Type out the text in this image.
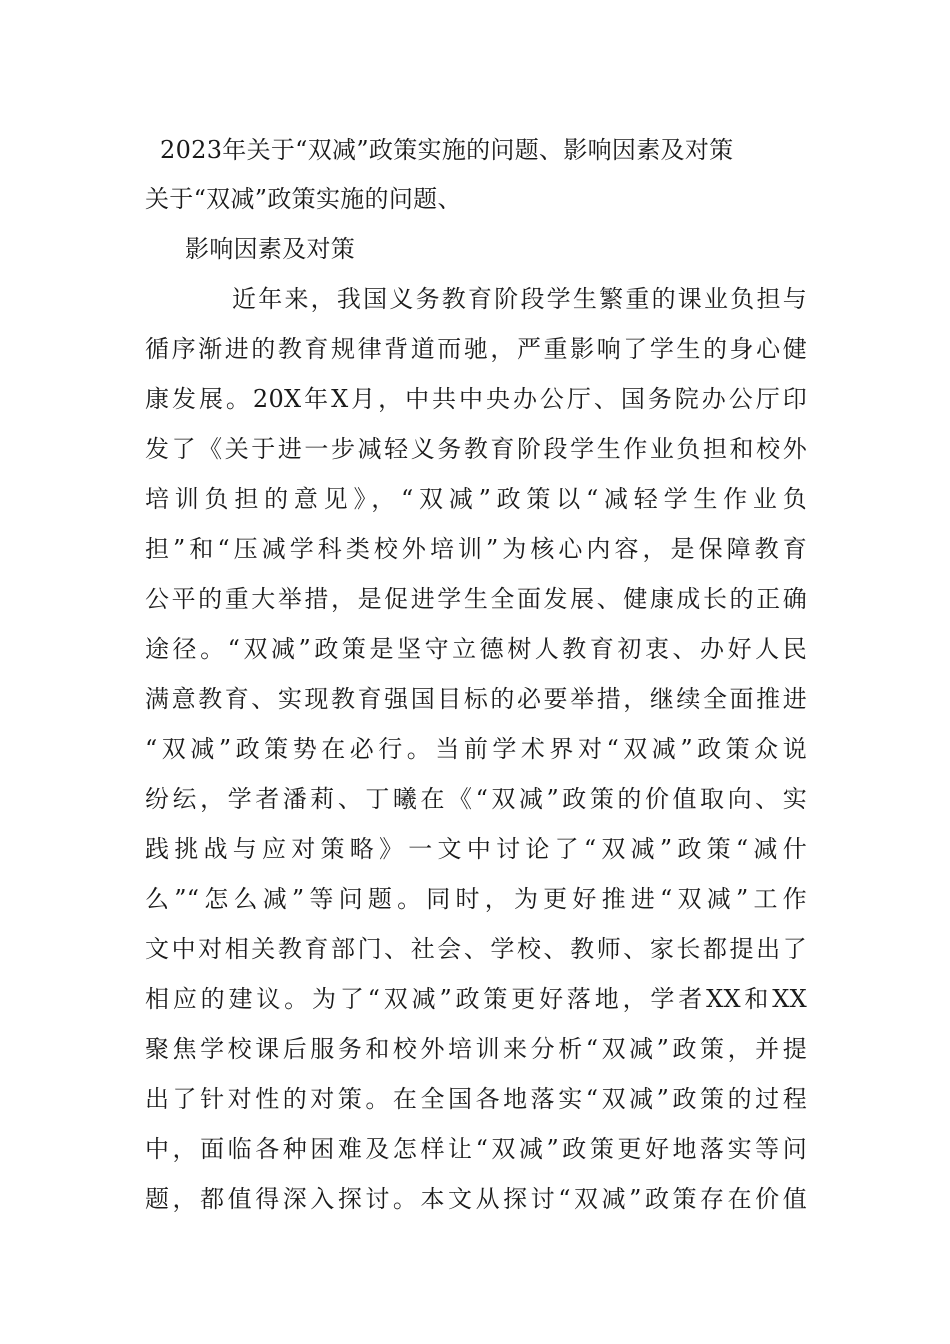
2023年关于“双减”政策实施的问题、影响因素及对策
关于“双减”政策实施的问题、
影响因素及对策
近年来，我国义务教育阶段学生繁重的课业负担与
循序渐进的教育规律背道而驰，严重影响了学生的身心健
康发展。20X年X月，中共中央办公厅、国务院办公厅印
发了《关于进一步减轻义务教育阶段学生作业负担和校外
培训负担的意见》，“双减”政策以“减轻学生作业负
担”和“压减学科类校外培训”为核心内容，是保障教育
公平的重大举措，是促进学生全面发展、健康成长的正确
途径。“双减”政策是坚守立德树人教育初衷、办好人民
满意教育、实现教育强国目标的必要举措，继续全面推进
“双减”政策势在必行。当前学术界对“双减”政策众说
纷纭，学者潘莉、丁曦在《“双减”政策的价值取向、实
践挑战与应对策略》一文中讨论了“双减”政策“减什
么”“怎么减”等问题。同时，为更好推进“双减”工作
文中对相关教育部门、社会、学校、教师、家长都提出了
相应的建议。为了“双减”政策更好落地，学者XX和XX
聚焦学校课后服务和校外培训来分析“双减”政策，并提
出了针对性的对策。在全国各地落实“双减”政策的过程
中，面临各种困难及怎样让“双减”政策更好地落实等问
题，都值得深入探讨。本文从探讨“双减”政策存在价值
